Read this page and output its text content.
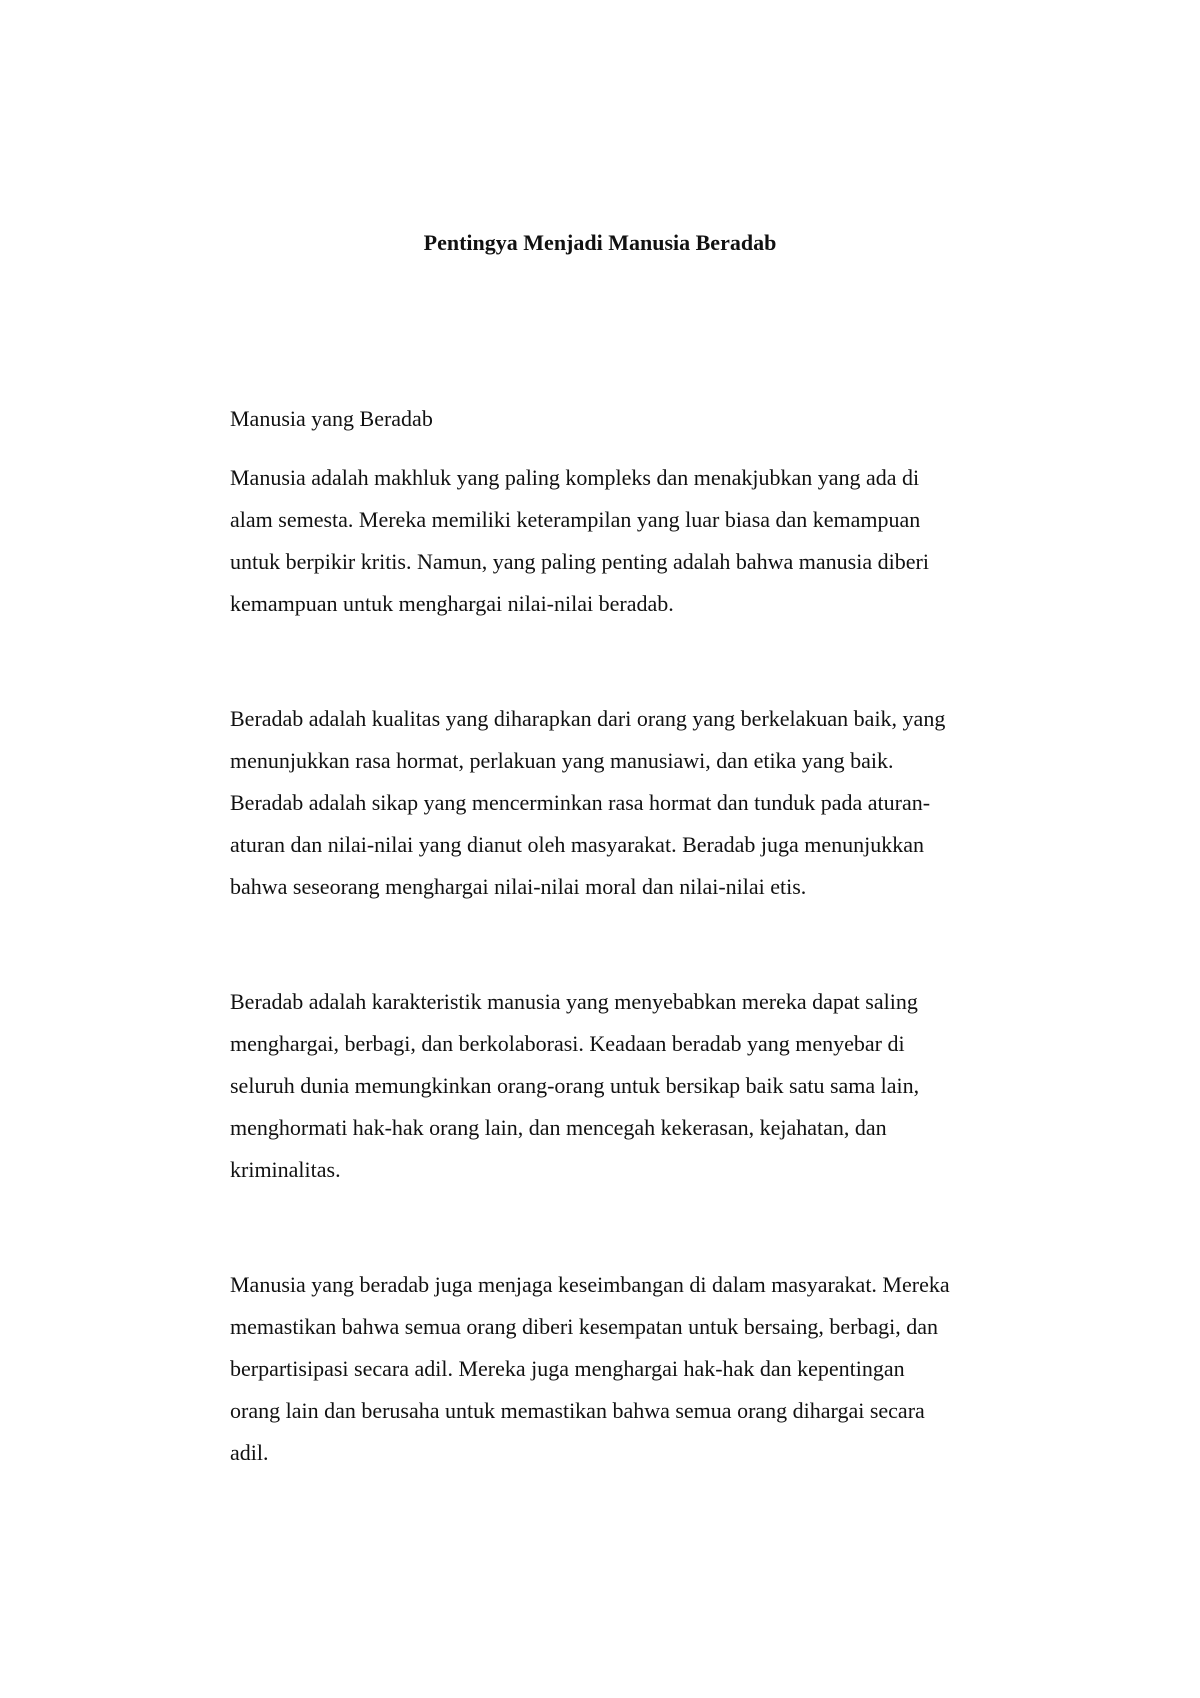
Pentingya Menjadi Manusia Beradab
Manusia yang Beradab

Manusia adalah makhluk yang paling kompleks dan menakjubkan yang ada di
alam semesta. Mereka memiliki keterampilan yang luar biasa dan kemampuan
untuk berpikir kritis. Namun, yang paling penting adalah bahwa manusia diberi
kemampuan untuk menghargai nilai-nilai beradab.

Beradab adalah kualitas yang diharapkan dari orang yang berkelakuan baik, yang
menunjukkan rasa hormat, perlakuan yang manusiawi, dan etika yang baik.
Beradab adalah sikap yang mencerminkan rasa hormat dan tunduk pada aturan-
aturan dan nilai-nilai yang dianut oleh masyarakat. Beradab juga menunjukkan
bahwa seseorang menghargai nilai-nilai moral dan nilai-nilai etis.

Beradab adalah karakteristik manusia yang menyebabkan mereka dapat saling
menghargai, berbagi, dan berkolaborasi. Keadaan beradab yang menyebar di
seluruh dunia memungkinkan orang-orang untuk bersikap baik satu sama lain,
menghormati hak-hak orang lain, dan mencegah kekerasan, kejahatan, dan
kriminalitas.

Manusia yang beradab juga menjaga keseimbangan di dalam masyarakat. Mereka
memastikan bahwa semua orang diberi kesempatan untuk bersaing, berbagi, dan
berpartisipasi secara adil. Mereka juga menghargai hak-hak dan kepentingan
orang lain dan berusaha untuk memastikan bahwa semua orang dihargai secara
adil.
